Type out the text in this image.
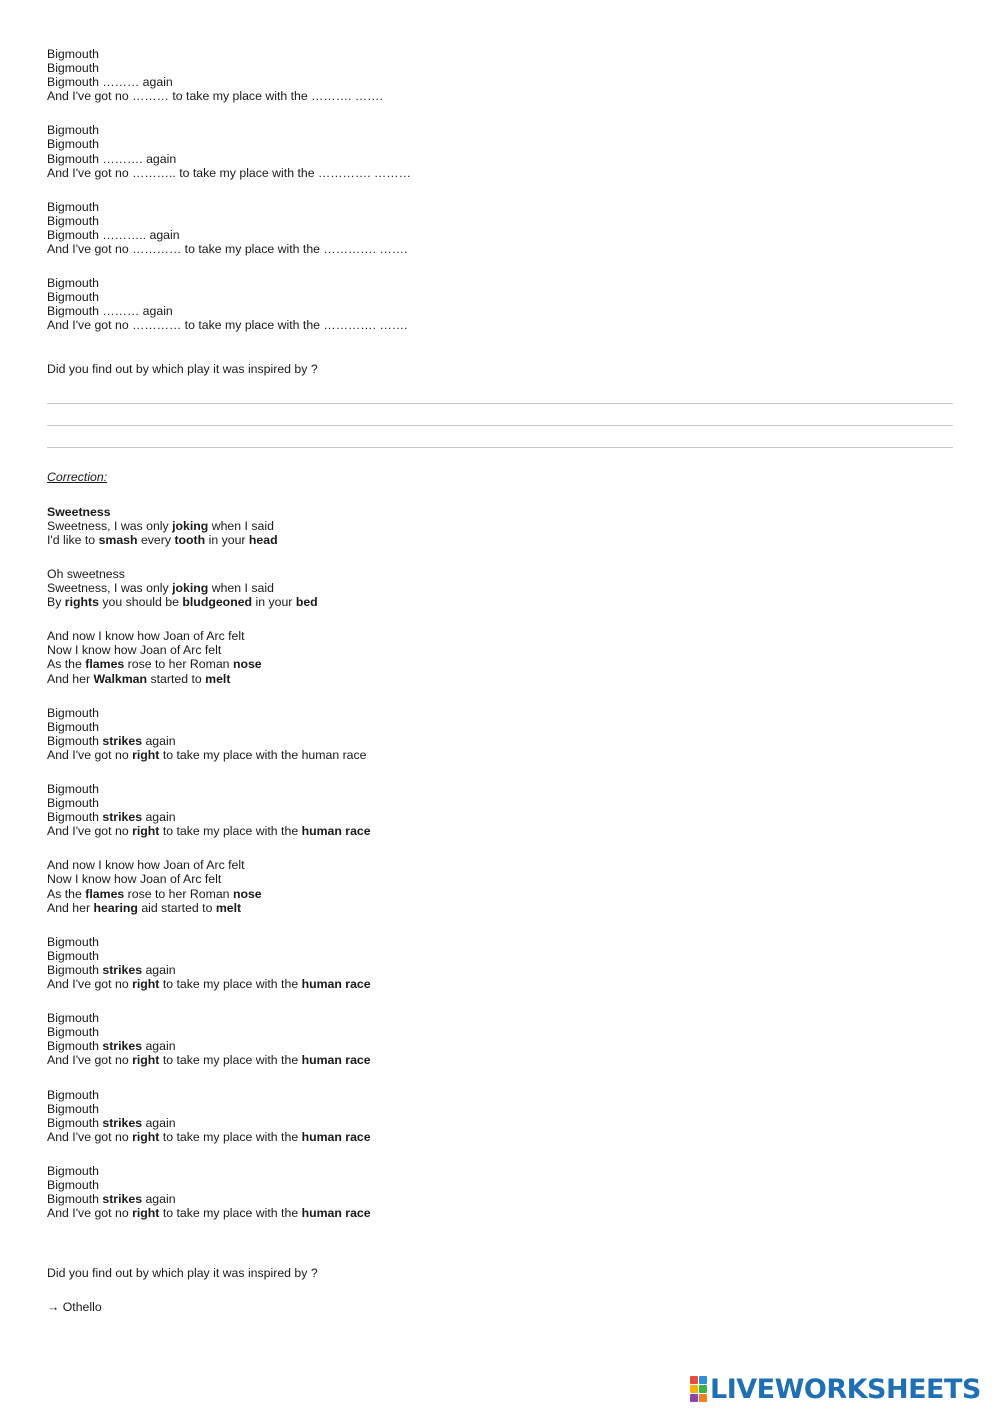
Bigmouth
Bigmouth
Bigmouth ……… again
And I've got no ……… to take my place with the ………. …….
Bigmouth
Bigmouth
Bigmouth ………. again
And I've got no ……….. to take my place with the …………. ………
Bigmouth
Bigmouth
Bigmouth ……….. again
And I've got no ………… to take my place with the …………. …….
Bigmouth
Bigmouth
Bigmouth ……… again
And I've got no ………… to take my place with the …………. …….
Did you find out by which play it was inspired by ?
Correction:
Sweetness
Sweetness, I was only joking when I said
I'd like to smash every tooth in your head
Oh sweetness
Sweetness, I was only joking when I said
By rights you should be bludgeoned in your bed
And now I know how Joan of Arc felt
Now I know how Joan of Arc felt
As the flames rose to her Roman nose
And her Walkman started to melt
Bigmouth
Bigmouth
Bigmouth strikes again
And I've got no right to take my place with the human race
Bigmouth
Bigmouth
Bigmouth strikes again
And I've got no right to take my place with the human race
And now I know how Joan of Arc felt
Now I know how Joan of Arc felt
As the flames rose to her Roman nose
And her hearing aid started to melt
Bigmouth
Bigmouth
Bigmouth strikes again
And I've got no right to take my place with the human race
Bigmouth
Bigmouth
Bigmouth strikes again
And I've got no right to take my place with the human race
Bigmouth
Bigmouth
Bigmouth strikes again
And I've got no right to take my place with the human race
Bigmouth
Bigmouth
Bigmouth strikes again
And I've got no right to take my place with the human race
Did you find out by which play it was inspired by ?
→ Othello
LIVEWORKSHEETS
